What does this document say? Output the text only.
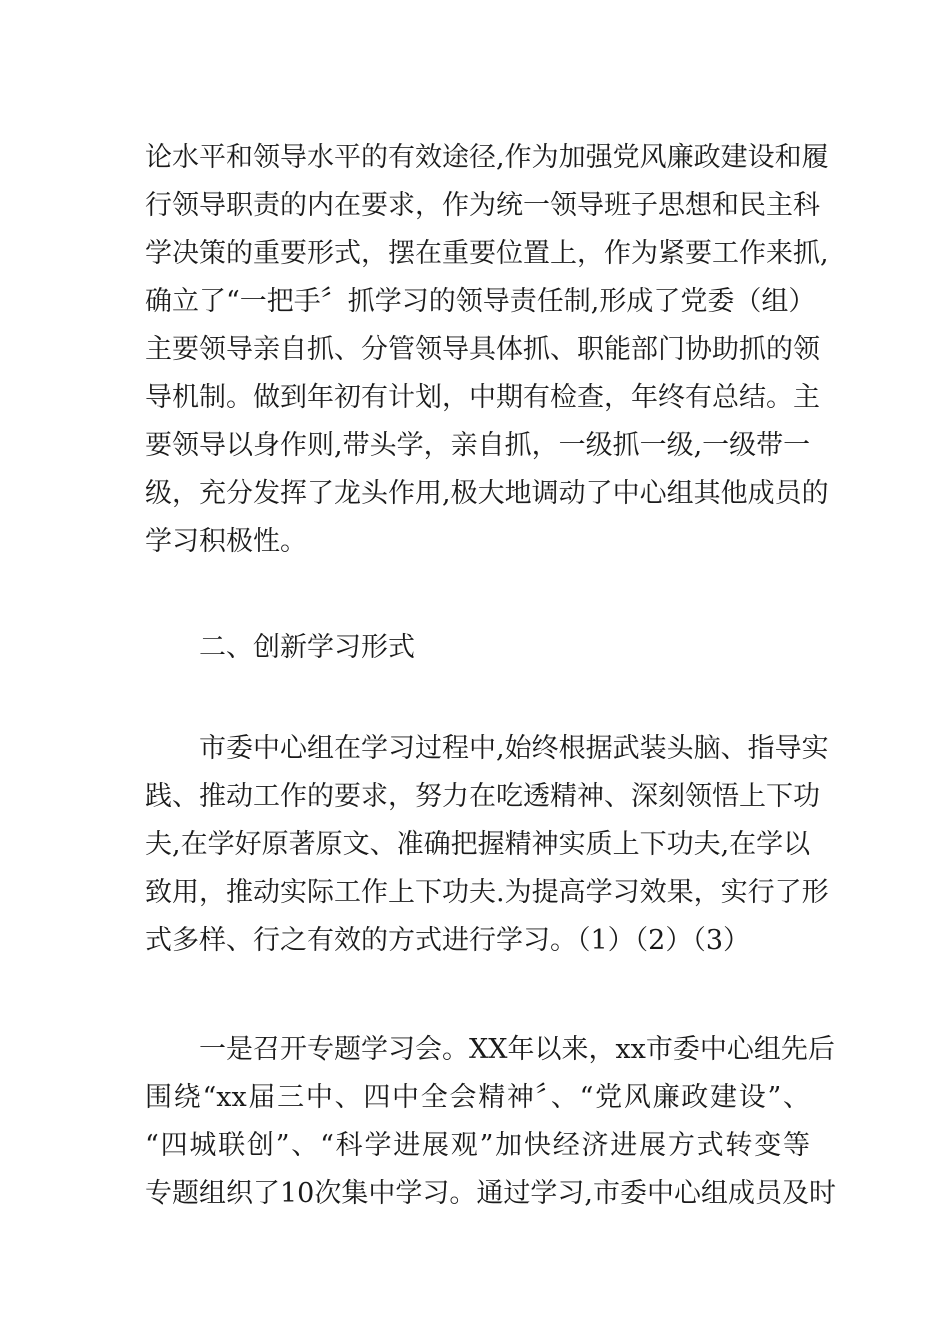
论水平和领导水平的有效途径,作为加强党风廉政建设和履
行领导职责的内在要求，作为统一领导班子思想和民主科
学决策的重要形式，摆在重要位置上，作为紧要工作来抓,
确立了“一把手〞抓学习的领导责任制,形成了党委（组）
主要领导亲自抓、分管领导具体抓、职能部门协助抓的领
导机制。做到年初有计划，中期有检查，年终有总结。主
要领导以身作则,带头学，亲自抓，一级抓一级,一级带一
级，充分发挥了龙头作用,极大地调动了中心组其他成员的
学习积极性。
二、创新学习形式
市委中心组在学习过程中,始终根据武装头脑、指导实
践、推动工作的要求，努力在吃透精神、深刻领悟上下功
夫,在学好原著原文、准确把握精神实质上下功夫,在学以
致用，推动实际工作上下功夫.为提高学习效果，实行了形
式多样、行之有效的方式进行学习。（1）（2）（3）
一是召开专题学习会。XX年以来，xx市委中心组先后
围绕“xx届三中、四中全会精神〞、“党风廉政建设”、
“四城联创”、“科学进展观”加快经济进展方式转变等
专题组织了10次集中学习。通过学习,市委中心组成员及时
